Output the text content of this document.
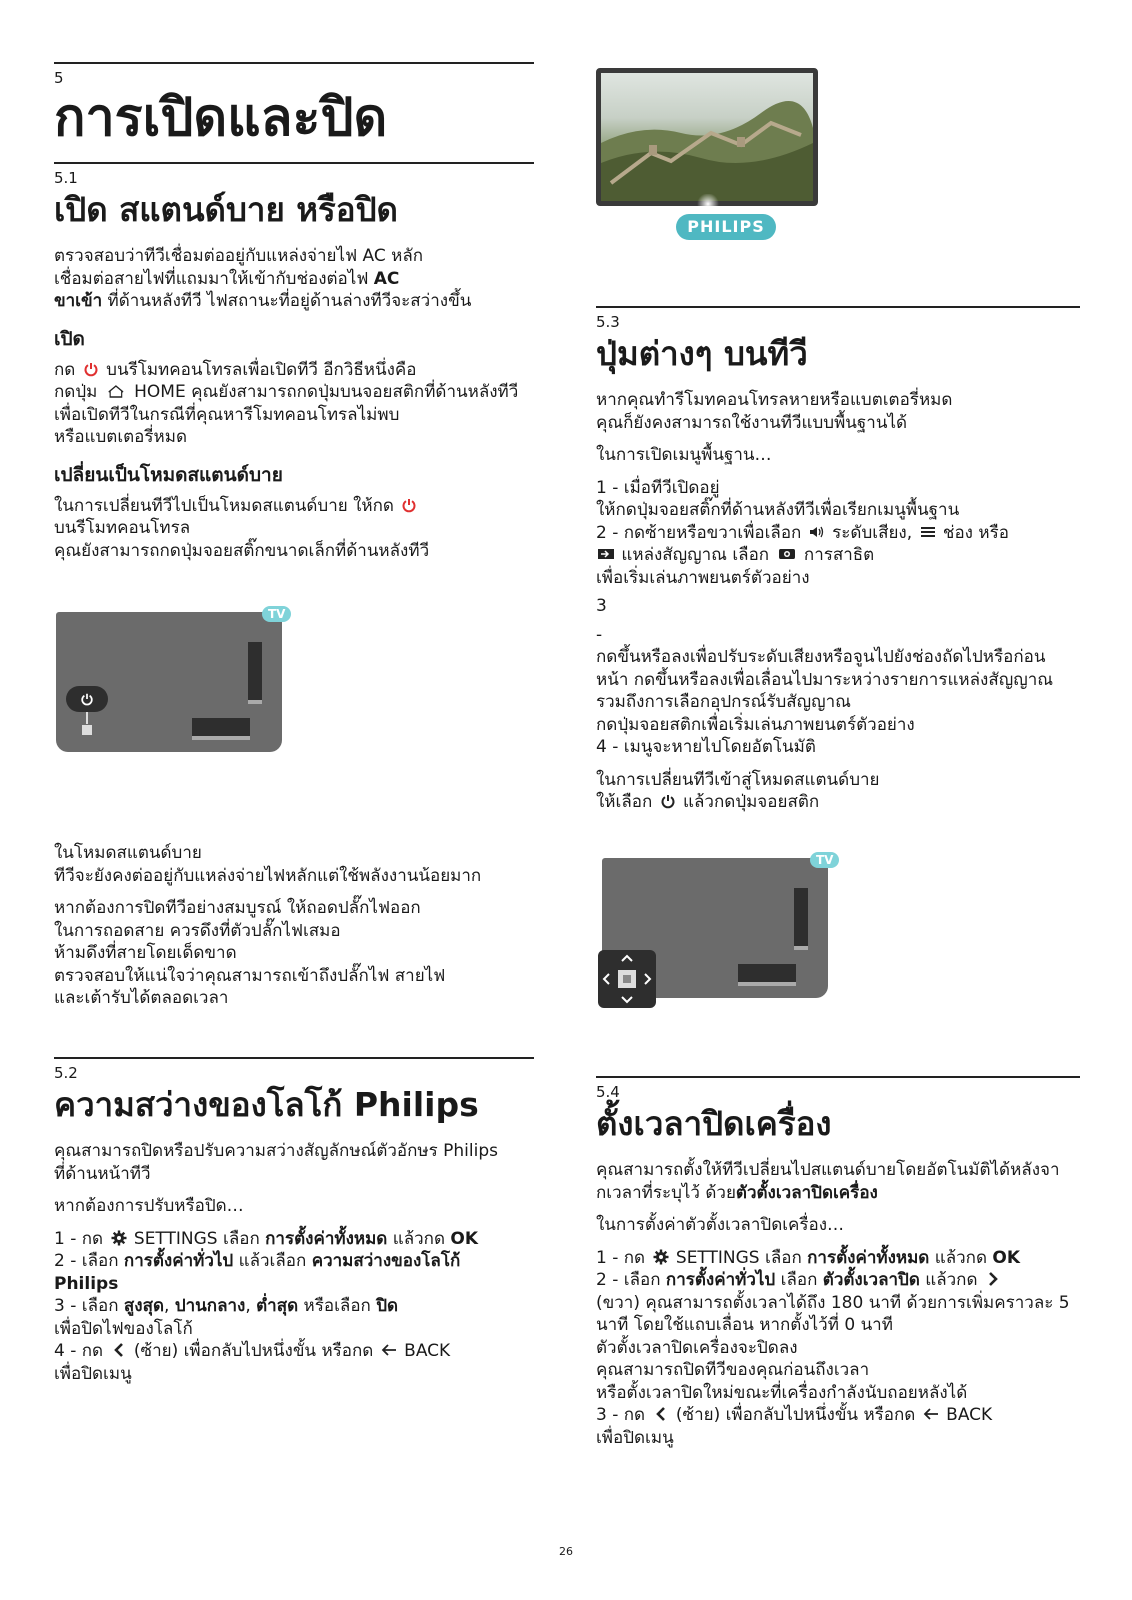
5
การเปิดและปิด
5.1
เปิด สแตนด์บาย หรือปิด
ตรวจสอบว่าทีวีเชื่อมต่ออยู่กับแหล่งจ่ายไฟ AC หลัก
เชื่อมต่อสายไฟที่แถมมาให้เข้ากับช่องต่อไฟ AC
ขาเข้า ที่ด้านหลังทีวี ไฟสถานะที่อยู่ด้านล่างทีวีจะสว่างขึ้น
เปิด
กด  บนรีโมทคอนโทรลเพื่อเปิดทีวี อีกวิธีหนึ่งคือ
กดปุ่ม  HOME คุณยังสามารถกดปุ่มบนจอยสติกที่ด้านหลังทีวี
เพื่อเปิดทีวีในกรณีที่คุณหารีโมทคอนโทรลไม่พบ
หรือแบตเตอรี่หมด
เปลี่ยนเป็นโหมดสแตนด์บาย
ในการเปลี่ยนทีวีไปเป็นโหมดสแตนด์บาย ให้กด
บนรีโมทคอนโทรล
คุณยังสามารถกดปุ่มจอยสติ๊กขนาดเล็กที่ด้านหลังทีวี
TV
ในโหมดสแตนด์บาย
ทีวีจะยังคงต่ออยู่กับแหล่งจ่ายไฟหลักแต่ใช้พลังงานน้อยมาก
หากต้องการปิดทีวีอย่างสมบูรณ์ ให้ถอดปลั๊กไฟออก
ในการถอดสาย ควรดึงที่ตัวปลั๊กไฟเสมอ
ห้ามดึงที่สายโดยเด็ดขาด
ตรวจสอบให้แน่ใจว่าคุณสามารถเข้าถึงปลั๊กไฟ สายไฟ
และเต้ารับได้ตลอดเวลา
5.2
ความสว่างของโลโก้ Philips
คุณสามารถปิดหรือปรับความสว่างสัญลักษณ์ตัวอักษร Philips
ที่ด้านหน้าทีวี
หากต้องการปรับหรือปิด…
1 - กด  SETTINGS เลือก การตั้งค่าทั้งหมด แล้วกด OK
2 - เลือก การตั้งค่าทั่วไป แล้วเลือก ความสว่างของโลโก้
Philips
3 - เลือก สูงสุด, ปานกลาง, ต่ำสุด หรือเลือก ปิด
เพื่อปิดไฟของโลโก้
4 - กด  (ซ้าย) เพื่อกลับไปหนึ่งขั้น หรือกด  BACK
เพื่อปิดเมนู
PHILIPS
5.3
ปุ่มต่างๆ บนทีวี
หากคุณทำรีโมทคอนโทรลหายหรือแบตเตอรี่หมด
คุณก็ยังคงสามารถใช้งานทีวีแบบพื้นฐานได้
ในการเปิดเมนูพื้นฐาน…
1 - เมื่อทีวีเปิดอยู่
ให้กดปุ่มจอยสติ๊กที่ด้านหลังทีวีเพื่อเรียกเมนูพื้นฐาน
2 - กดซ้ายหรือขวาเพื่อเลือก  ระดับเสียง,  ช่อง หรือ
แหล่งสัญญาณ เลือก  การสาธิต
เพื่อเริ่มเล่นภาพยนตร์ตัวอย่าง
3
-
กดขึ้นหรือลงเพื่อปรับระดับเสียงหรือจูนไปยังช่องถัดไปหรือก่อน
หน้า กดขึ้นหรือลงเพื่อเลื่อนไปมาระหว่างรายการแหล่งสัญญาณ
รวมถึงการเลือกอุปกรณ์รับสัญญาณ
กดปุ่มจอยสติกเพื่อเริ่มเล่นภาพยนตร์ตัวอย่าง
4 - เมนูจะหายไปโดยอัตโนมัติ
ในการเปลี่ยนทีวีเข้าสู่โหมดสแตนด์บาย
ให้เลือก  แล้วกดปุ่มจอยสติก
TV
5.4
ตั้งเวลาปิดเครื่อง
คุณสามารถตั้งให้ทีวีเปลี่ยนไปสแตนด์บายโดยอัตโนมัติได้หลังจา
กเวลาที่ระบุไว้ ด้วยตัวตั้งเวลาปิดเครื่อง
ในการตั้งค่าตัวตั้งเวลาปิดเครื่อง…
1 - กด  SETTINGS เลือก การตั้งค่าทั้งหมด แล้วกด OK
2 - เลือก การตั้งค่าทั่วไป เลือก ตัวตั้งเวลาปิด แล้วกด
(ขวา) คุณสามารถตั้งเวลาได้ถึง 180 นาที ด้วยการเพิ่มคราวละ 5
นาที โดยใช้แถบเลื่อน หากตั้งไว้ที่ 0 นาที
ตัวตั้งเวลาปิดเครื่องจะปิดลง
คุณสามารถปิดทีวีของคุณก่อนถึงเวลา
หรือตั้งเวลาปิดใหม่ขณะที่เครื่องกำลังนับถอยหลังได้
3 - กด  (ซ้าย) เพื่อกลับไปหนึ่งขั้น หรือกด  BACK
เพื่อปิดเมนู
26
